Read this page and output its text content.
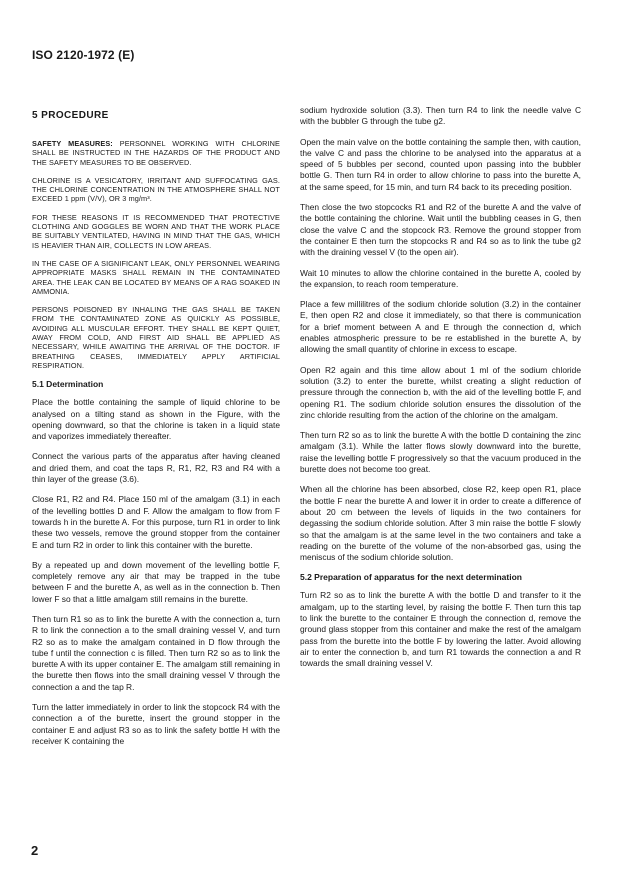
ISO 2120-1972 (E)
5 PROCEDURE

SAFETY MEASURES: PERSONNEL WORKING WITH CHLORINE SHALL BE INSTRUCTED IN THE HAZARDS OF THE PRODUCT AND THE SAFETY MEASURES TO BE OBSERVED.

CHLORINE IS A VESICATORY, IRRITANT AND SUFFOCATING GAS. THE CHLORINE CONCENTRATION IN THE ATMOSPHERE SHALL NOT EXCEED 1 ppm (V/V), OR 3 mg/m³.

FOR THESE REASONS IT IS RECOMMENDED THAT PROTECTIVE CLOTHING AND GOGGLES BE WORN AND THAT THE WORK PLACE BE SUITABLY VENTILATED, HAVING IN MIND THAT THE GAS, WHICH IS HEAVIER THAN AIR, COLLECTS IN LOW AREAS.

IN THE CASE OF A SIGNIFICANT LEAK, ONLY PERSONNEL WEARING APPROPRIATE MASKS SHALL REMAIN IN THE CONTAMINATED AREA. THE LEAK CAN BE LOCATED BY MEANS OF A RAG SOAKED IN AMMONIA.

PERSONS POISONED BY INHALING THE GAS SHALL BE TAKEN FROM THE CONTAMINATED ZONE AS QUICKLY AS POSSIBLE, AVOIDING ALL MUSCULAR EFFORT. THEY SHALL BE KEPT QUIET, AWAY FROM COLD, AND FIRST AID SHALL BE APPLIED AS NECESSARY, WHILE AWAITING THE ARRIVAL OF THE DOCTOR. IF BREATHING CEASES, IMMEDIATELY APPLY ARTIFICIAL RESPIRATION.

5.1 Determination

Place the bottle containing the sample of liquid chlorine to be analysed on a tilting stand as shown in the Figure, with the opening downward, so that the chlorine is taken in a liquid state and vaporizes immediately thereafter.

Connect the various parts of the apparatus after having cleaned and dried them, and coat the taps R, R1, R2, R3 and R4 with a thin layer of the grease (3.6).

Close R1, R2 and R4. Place 150 ml of the amalgam (3.1) in each of the levelling bottles D and F. Allow the amalgam to flow from F towards h in the burette A. For this purpose, turn R1 in order to link these two vessels, remove the ground stopper from the container E and turn R2 in order to link this container with the burette.

By a repeated up and down movement of the levelling bottle F, completely remove any air that may be trapped in the tube between F and the burette A, as well as in the connection b. Then lower F so that a little amalgam still remains in the burette.

Then turn R1 so as to link the burette A with the connection a, turn R to link the connection a to the small draining vessel V, and turn R2 so as to make the amalgam contained in D flow through the tube f until the connection c is filled. Then turn R2 so as to link the burette A with its upper container E. The amalgam still remaining in the burette then flows into the small draining vessel V through the connection a and the tap R.

Turn the latter immediately in order to link the stopcock R4 with the connection a of the burette, insert the ground stopper in the container E and adjust R3 so as to link the safety bottle H with the receiver K containing the

sodium hydroxide solution (3.3). Then turn R4 to link the needle valve C with the bubbler G through the tube g2.

Open the main valve on the bottle containing the sample then, with caution, the valve C and pass the chlorine to be analysed into the apparatus at a speed of 5 bubbles per second, counted upon passing into the bubbler bottle G. Then turn R4 in order to allow chlorine to pass into the burette A, at the same speed, for 15 min, and turn R4 back to its preceding position.

Then close the two stopcocks R1 and R2 of the burette A and the valve of the bottle containing the chlorine. Wait until the bubbling ceases in G, then close the valve C and the stopcock R3. Remove the ground stopper from the container E then turn the stopcocks R and R4 so as to link the tube g2 with the draining vessel V (to the open air).

Wait 10 minutes to allow the chlorine contained in the burette A, cooled by the expansion, to reach room temperature.

Place a few millilitres of the sodium chloride solution (3.2) in the container E, then open R2 and close it immediately, so that there is communication for a brief moment between A and E through the connection d, which enables atmospheric pressure to be re established in the burette A, by allowing the small quantity of chlorine in excess to escape.

Open R2 again and this time allow about 1 ml of the sodium chloride solution (3.2) to enter the burette, whilst creating a slight reduction of pressure through the connection b, with the aid of the levelling bottle F, and opening R1. The sodium chloride solution ensures the dissolution of the zinc chloride resulting from the action of the chlorine on the amalgam.

Then turn R2 so as to link the burette A with the bottle D containing the zinc amalgam (3.1). While the latter flows slowly downward into the burette, raise the levelling bottle F progressively so that the vacuum produced in the burette does not become too great.

When all the chlorine has been absorbed, close R2, keep open R1, place the bottle F near the burette A and lower it in order to create a difference of about 20 cm between the levels of liquids in the two containers for degassing the sodium chloride solution. After 3 min raise the bottle F slowly so that the amalgam is at the same level in the two containers and take a reading on the burette of the volume of the non-absorbed gas, using the meniscus of the sodium chloride solution.

5.2 Preparation of apparatus for the next determination

Turn R2 so as to link the burette A with the bottle D and transfer to it the amalgam, up to the starting level, by raising the bottle F. Then turn this tap to link the burette to the container E through the connection d, remove the ground glass stopper from this container and make the rest of the amalgam pass from the burette into the bottle F by lowering the latter. Avoid allowing air to enter the connection b, and turn R1 towards the connection a and R towards the small draining vessel V.

2
